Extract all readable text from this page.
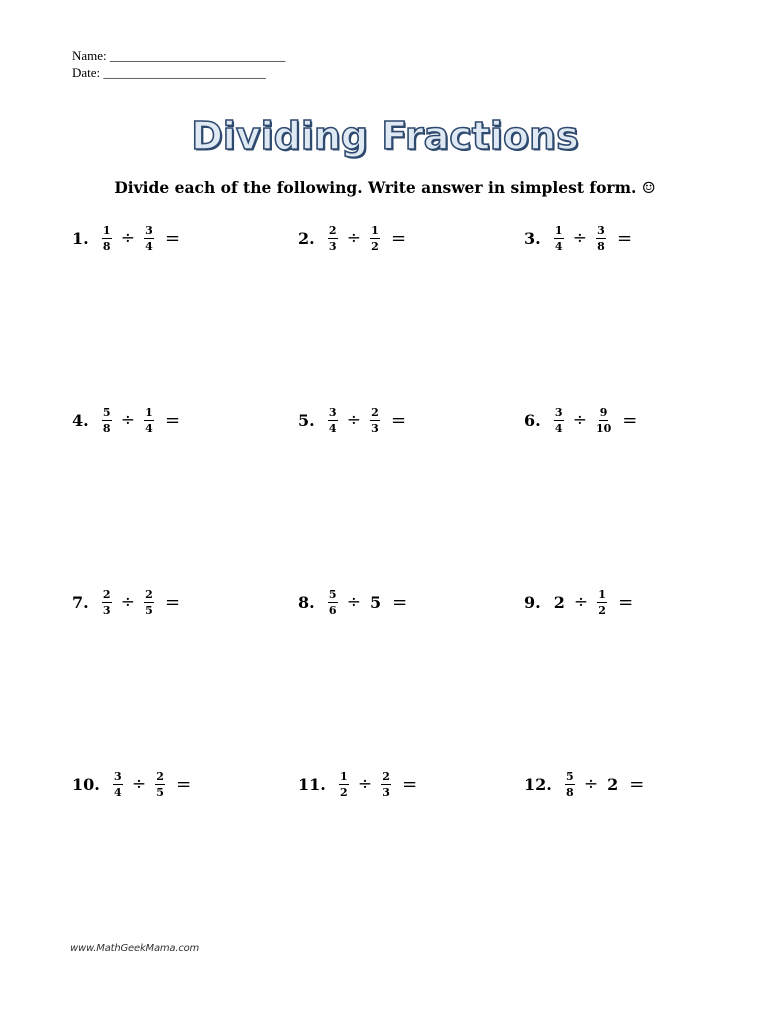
Name: ___________________________
Date: _________________________
Dividing Fractions
Divide each of the following. Write answer in simplest form. ☺
1. $\frac{1}{8} \div \frac{3}{4}$ =	2. $\frac{2}{3} \div \frac{1}{2}$ =	3. $\frac{1}{4} \div \frac{3}{8}$ =
4. $\frac{5}{8} \div \frac{1}{4}$ =	5. $\frac{3}{4} \div \frac{2}{3}$ =	6. $\frac{3}{4} \div \frac{9}{10}$ =
7. $\frac{2}{3} \div \frac{2}{5}$ =	8. $\frac{5}{6} \div 5$ =	9. $2 \div \frac{1}{2}$ =
10. $\frac{3}{4} \div \frac{2}{5}$ =	11. $\frac{1}{2} \div \frac{2}{3}$ =	12. $\frac{5}{8} \div 2$ =
www.MathGeekMama.com
